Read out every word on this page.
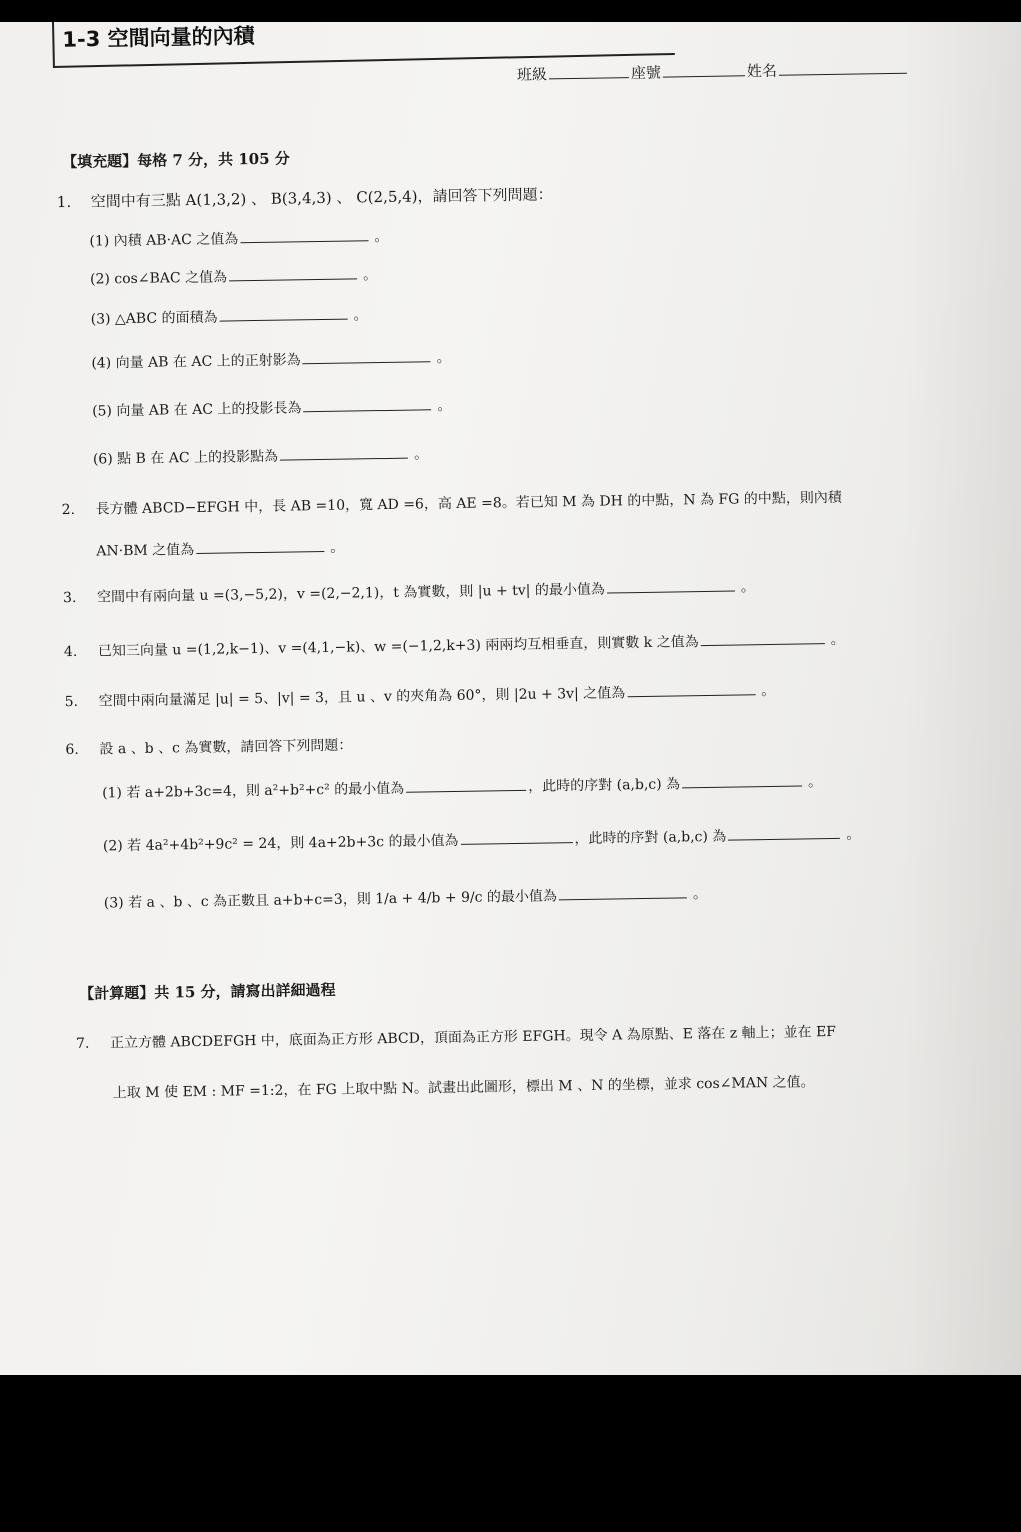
1-3 空間向量的內積
班級	座號	姓名
【填充題】每格 7 分，共 105 分
1. 空間中有三點 A(1,3,2) 、 B(3,4,3) 、 C(2,5,4)，請回答下列問題：
(1) 內積 AB·AC 之值為	。
(2) cos∠BAC 之值為	。
(3) △ABC 的面積為	。
(4) 向量 AB 在 AC 上的正射影為	。
(5) 向量 AB 在 AC 上的投影長為	。
(6) 點 B 在 AC 上的投影點為	。
2. 長方體 ABCD−EFGH 中，長 AB =10，寬 AD =6，高 AE =8。若已知 M 為 DH 的中點，N 為 FG 的中點，則內積
AN·BM 之值為	。
3. 空間中有兩向量 u =(3,−5,2)，v =(2,−2,1)，t 為實數，則 |u + tv| 的最小值為	。
4. 已知三向量 u =(1,2,k−1)、v =(4,1,−k)、w =(−1,2,k+3) 兩兩均互相垂直，則實數 k 之值為	。
5. 空間中兩向量滿足 |u| = 5、|v| = 3，且 u 、v 的夾角為 60°，則 |2u + 3v| 之值為	。
6. 設 a 、b 、c 為實數，請回答下列問題：
(1) 若 a+2b+3c=4，則 a²+b²+c² 的最小值為	，此時的序對 (a,b,c) 為	。
(2) 若 4a²+4b²+9c² = 24，則 4a+2b+3c 的最小值為	，此時的序對 (a,b,c) 為	。
(3) 若 a 、b 、c 為正數且 a+b+c=3，則 1/a + 4/b + 9/c 的最小值為	。
【計算題】共 15 分，請寫出詳細過程
7. 正立方體 ABCDEFGH 中，底面為正方形 ABCD，頂面為正方形 EFGH。現令 A 為原點、E 落在 z 軸上；並在 EF
上取 M 使 EM : MF =1:2，在 FG 上取中點 N。試畫出此圖形，標出 M 、N 的坐標，並求 cos∠MAN 之值。
